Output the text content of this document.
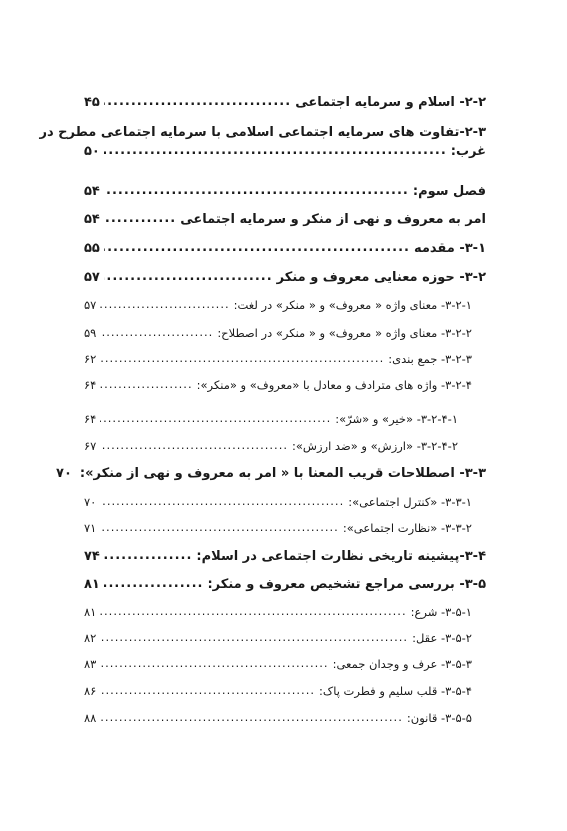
۲-۲- اسلام و سرمایه اجتماعی
.....
۴۵
۲-۳-تفاوت های سرمایه اجتماعی اسلامی با سرمایه اجتماعی مطرح در
غرب:
.....
۵۰
فصل سوم:
.....
۵۴
امر به معروف و نهی از منکر و سرمایه اجتماعی
.....
۵۴
۳-۱- مقدمه
.....
۵۵
۳-۲- حوزه معنایی معروف و منکر
.....
۵۷
۳-۲-۱- معنای واژه « معروف» و « منکر» در لغت:
.....
۵۷
۳-۲-۲- معنای واژه « معروف» و « منکر» در اصطلاح:
.....
۵۹
۳-۲-۳- جمع بندی:
.....
۶۲
۳-۲-۴- واژه های مترادف و معادل با «معروف» و «منکر»:
.....
۶۴
۳-۲-۴-۱- «خیر» و «شرّ»:
.....
۶۴
۳-۲-۴-۲- «ارزش» و «ضد ارزش»:
.....
۶۷
۳-۳- اصطلاحات قریب المعنا با « امر به معروف و نهی از منکر»:
۷۰
۳-۳-۱- «کنترل اجتماعی»:
.....
۷۰
۳-۳-۲- «نظارت اجتماعی»:
.....
۷۱
۳-۴-پیشینه تاریخی نظارت اجتماعی در اسلام:
.....
۷۴
۳-۵- بررسی مراجع تشخیص معروف و منکر:
.....
۸۱
۳-۵-۱- شرع:
.....
۸۱
۳-۵-۲- عقل:
.....
۸۲
۳-۵-۳- عرف و وجدان جمعی:
.....
۸۳
۳-۵-۴- قلب سلیم و فطرت پاک:
.....
۸۶
۳-۵-۵- قانون:
.....
۸۸
